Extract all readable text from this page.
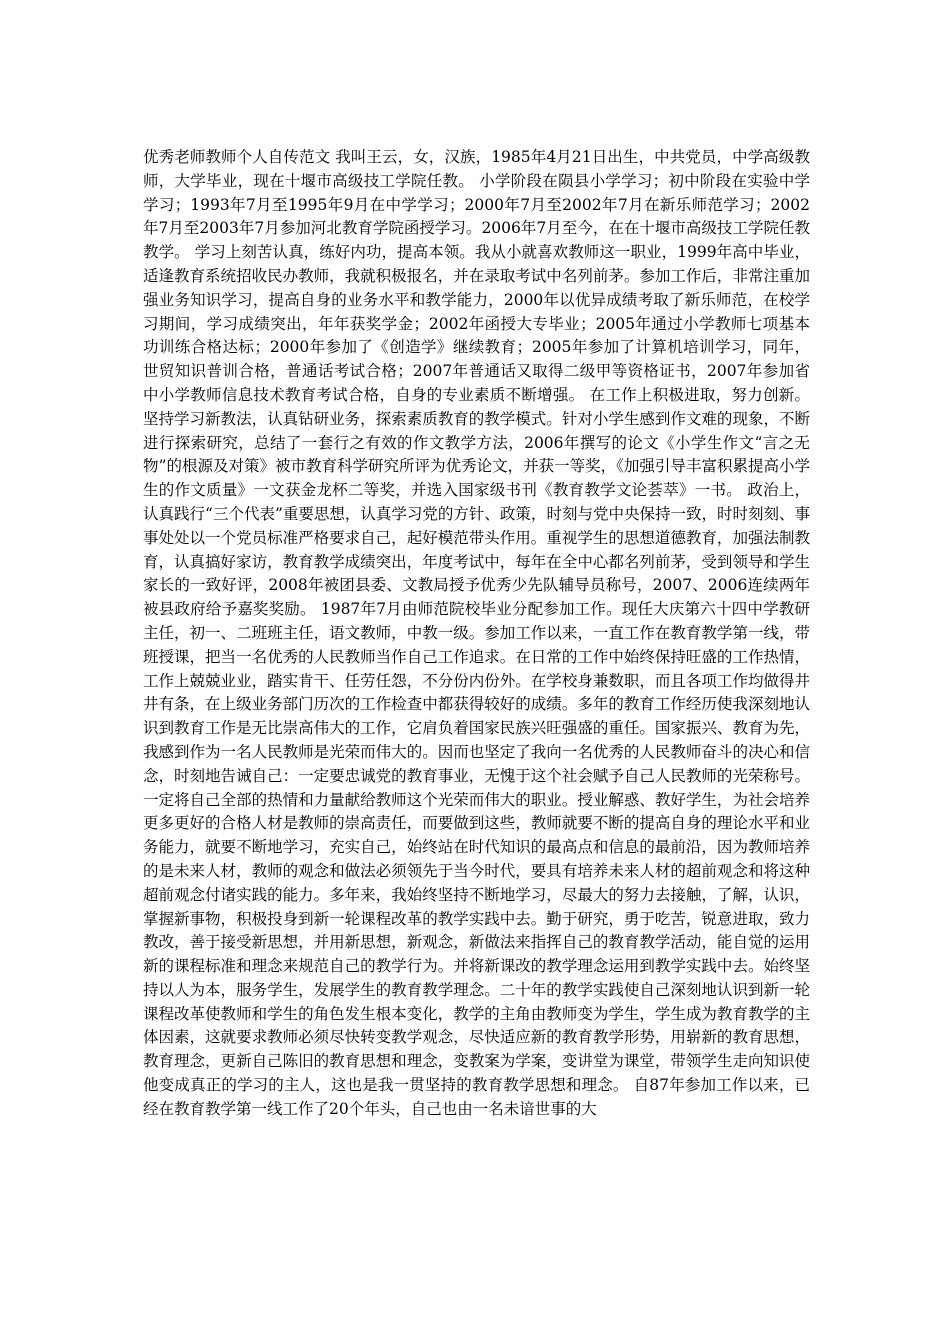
优秀老师教师个人自传范文 我叫王云，女，汉族，1985年4月21日出生，中共党员，中学高级教师，大学毕业，现在十堰市高级技工学院任教。 小学阶段在陨县小学学习；初中阶段在实验中学学习；1993年7月至1995年9月在中学学习；2000年7月至2002年7月在新乐师范学习；2002年7月至2003年7月参加河北教育学院函授学习。2006年7月至今，在在十堰市高级技工学院任教教学。 学习上刻苦认真，练好内功，提高本领。我从小就喜欢教师这一职业，1999年高中毕业，适逢教育系统招收民办教师，我就积极报名，并在录取考试中名列前茅。参加工作后，非常注重加强业务知识学习，提高自身的业务水平和教学能力，2000年以优异成绩考取了新乐师范，在校学习期间，学习成绩突出，年年获奖学金；2002年函授大专毕业；2005年通过小学教师七项基本功训练合格达标；2000年参加了《创造学》继续教育；2005年参加了计算机培训学习，同年，世贸知识普训合格，普通话考试合格；2007年普通话又取得二级甲等资格证书，2007年参加省中小学教师信息技术教育考试合格，自身的专业素质不断增强。 在工作上积极进取，努力创新。坚持学习新教法，认真钻研业务，探索素质教育的教学模式。针对小学生感到作文难的现象，不断进行探索研究，总结了一套行之有效的作文教学方法，2006年撰写的论文《小学生作文“言之无物”的根源及对策》被市教育科学研究所评为优秀论文，并获一等奖，《加强引导丰富积累提高小学生的作文质量》一文获金龙杯二等奖，并选入国家级书刊《教育教学文论荟萃》一书。 政治上，认真践行“三个代表”重要思想，认真学习党的方针、政策，时刻与党中央保持一致，时时刻刻、事事处处以一个党员标准严格要求自己，起好模范带头作用。重视学生的思想道德教育，加强法制教育，认真搞好家访，教育教学成绩突出，年度考试中，每年在全中心都名列前茅，受到领导和学生家长的一致好评，2008年被团县委、文教局授予优秀少先队辅导员称号，2007、2006连续两年被县政府给予嘉奖奖励。 1987年7月由师范院校毕业分配参加工作。现任大庆第六十四中学教研主任，初一、二班班主任，语文教师，中教一级。参加工作以来，一直工作在教育教学第一线，带班授课，把当一名优秀的人民教师当作自己工作追求。在日常的工作中始终保持旺盛的工作热情，工作上兢兢业业，踏实肯干、任劳任怨，不分份内份外。在学校身兼数职，而且各项工作均做得井井有条，在上级业务部门历次的工作检查中都获得较好的成绩。多年的教育工作经历使我深刻地认识到教育工作是无比崇高伟大的工作，它肩负着国家民族兴旺强盛的重任。国家振兴、教育为先，我感到作为一名人民教师是光荣而伟大的。因而也坚定了我向一名优秀的人民教师奋斗的决心和信念，时刻地告诫自己：一定要忠诚党的教育事业，无愧于这个社会赋予自己人民教师的光荣称号。一定将自己全部的热情和力量献给教师这个光荣而伟大的职业。授业解惑、教好学生，为社会培养更多更好的合格人材是教师的崇高责任，而要做到这些，教师就要不断的提高自身的理论水平和业务能力，就要不断地学习，充实自己，始终站在时代知识的最高点和信息的最前沿，因为教师培养的是未来人材，教师的观念和做法必须领先于当今时代，要具有培养未来人材的超前观念和将这种超前观念付诸实践的能力。多年来，我始终坚持不断地学习，尽最大的努力去接触，了解，认识，掌握新事物，积极投身到新一轮课程改革的教学实践中去。勤于研究，勇于吃苦，锐意进取，致力教改，善于接受新思想，并用新思想，新观念，新做法来指挥自己的教育教学活动，能自觉的运用新的课程标准和理念来规范自己的教学行为。并将新课改的教学理念运用到教学实践中去。始终坚持以人为本，服务学生，发展学生的教育教学理念。二十年的教学实践使自己深刻地认识到新一轮课程改革使教师和学生的角色发生根本变化，教学的主角由教师变为学生，学生成为教育教学的主体因素，这就要求教师必须尽快转变教学观念，尽快适应新的教育教学形势，用崭新的教育思想，教育理念，更新自己陈旧的教育思想和理念，变教案为学案，变讲堂为课堂，带领学生走向知识使他变成真正的学习的主人，这也是我一贯坚持的教育教学思想和理念。 自87年参加工作以来，已经在教育教学第一线工作了20个年头，自己也由一名未谙世事的大
